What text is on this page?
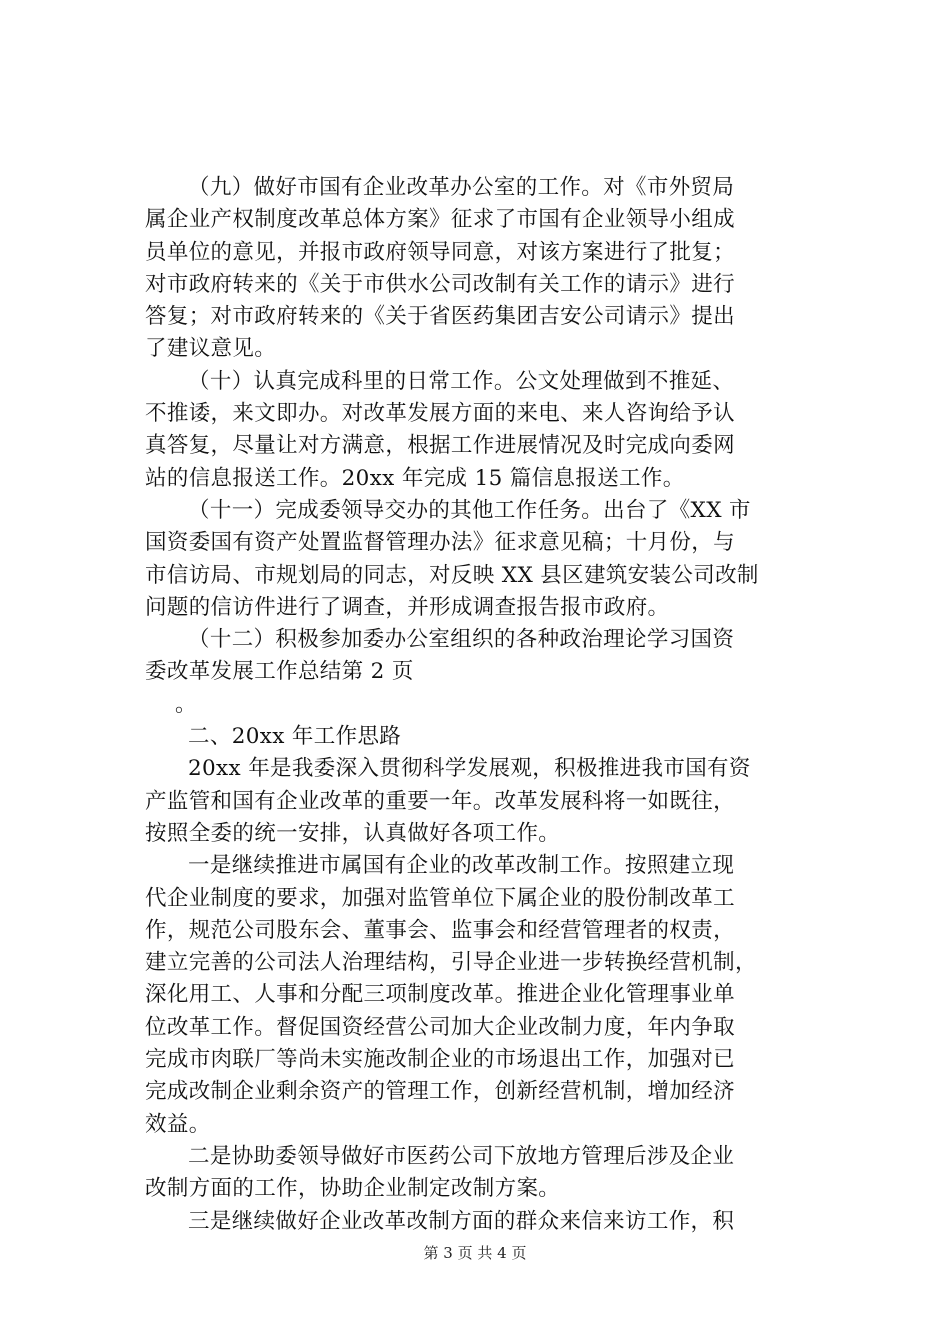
（九）做好市国有企业改革办公室的工作。对《市外贸局
属企业产权制度改革总体方案》征求了市国有企业领导小组成
员单位的意见，并报市政府领导同意，对该方案进行了批复；
对市政府转来的《关于市供水公司改制有关工作的请示》进行
答复；对市政府转来的《关于省医药集团吉安公司请示》提出
了建议意见。
（十）认真完成科里的日常工作。公文处理做到不推延、
不推诿，来文即办。对改革发展方面的来电、来人咨询给予认
真答复，尽量让对方满意，根据工作进展情况及时完成向委网
站的信息报送工作。20xx 年完成 15 篇信息报送工作。
（十一）完成委领导交办的其他工作任务。出台了《XX 市
国资委国有资产处置监督管理办法》征求意见稿；十月份，与
市信访局、市规划局的同志，对反映 XX 县区建筑安装公司改制
问题的信访件进行了调查，并形成调查报告报市政府。
（十二）积极参加委办公室组织的各种政治理论学习国资
委改革发展工作总结第 2 页
。
二、20xx 年工作思路
20xx 年是我委深入贯彻科学发展观，积极推进我市国有资
产监管和国有企业改革的重要一年。改革发展科将一如既往，
按照全委的统一安排，认真做好各项工作。
一是继续推进市属国有企业的改革改制工作。按照建立现
代企业制度的要求，加强对监管单位下属企业的股份制改革工
作，规范公司股东会、董事会、监事会和经营管理者的权责，
建立完善的公司法人治理结构，引导企业进一步转换经营机制，
深化用工、人事和分配三项制度改革。推进企业化管理事业单
位改革工作。督促国资经营公司加大企业改制力度，年内争取
完成市肉联厂等尚未实施改制企业的市场退出工作，加强对已
完成改制企业剩余资产的管理工作，创新经营机制，增加经济
效益。
二是协助委领导做好市医药公司下放地方管理后涉及企业
改制方面的工作，协助企业制定改制方案。
三是继续做好企业改革改制方面的群众来信来访工作，积
第 3 页 共 4 页
